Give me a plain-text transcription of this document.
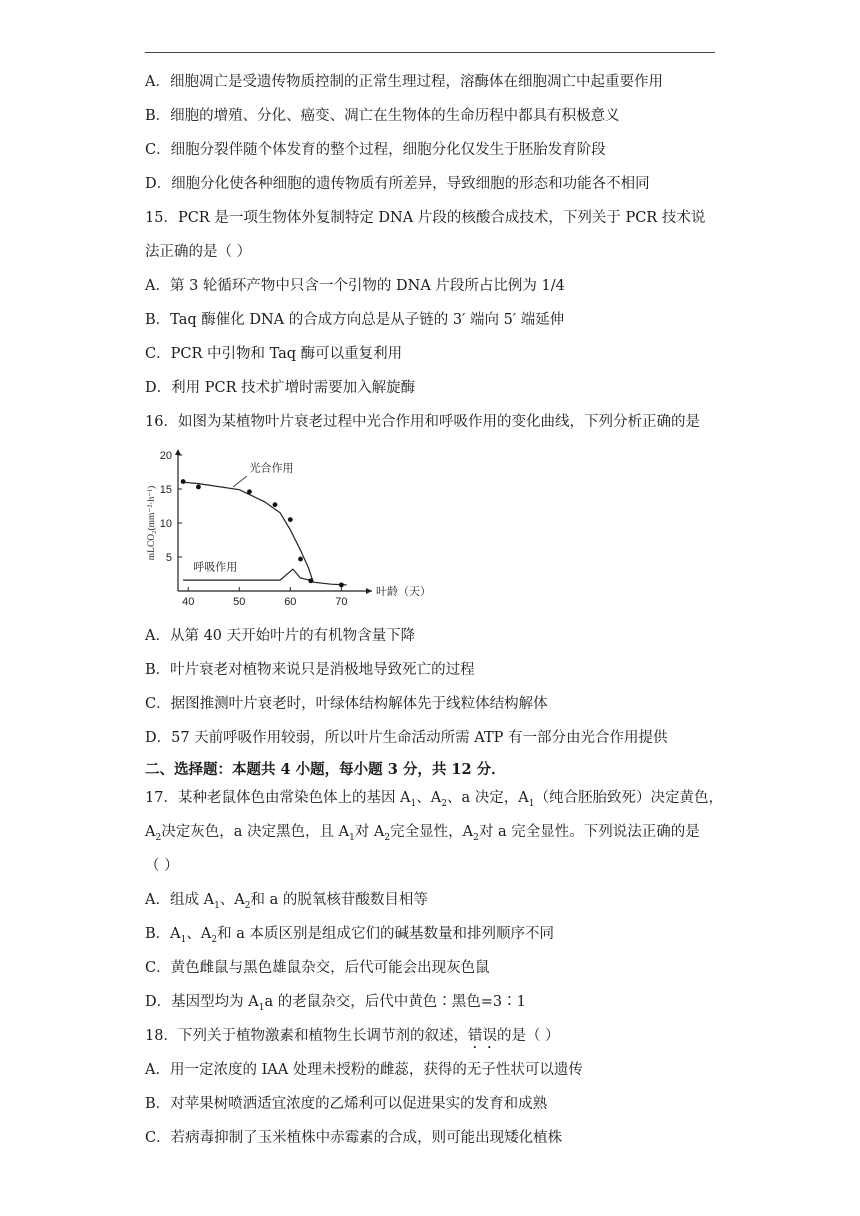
A．细胞凋亡是受遗传物质控制的正常生理过程，溶酶体在细胞凋亡中起重要作用
B．细胞的增殖、分化、癌变、凋亡在生物体的生命历程中都具有积极意义
C．细胞分裂伴随个体发育的整个过程，细胞分化仅发生于胚胎发育阶段
D．细胞分化使各种细胞的遗传物质有所差异，导致细胞的形态和功能各不相同
15．PCR 是一项生物体外复制特定 DNA 片段的核酸合成技术，下列关于 PCR 技术说
法正确的是（ ）
A．第 3 轮循环产物中只含一个引物的 DNA 片段所占比例为 1/4
B．Taq 酶催化 DNA 的合成方向总是从子链的 3′ 端向 5′ 端延伸
C．PCR 中引物和 Taq 酶可以重复利用
D．利用 PCR 技术扩增时需要加入解旋酶
16．如图为某植物叶片衰老过程中光合作用和呼吸作用的变化曲线，下列分析正确的是
5
10
15
20
40	50	60	70
叶龄（天）
mLCO₂(mm⁻²·h⁻¹)
光合作用
呼吸作用
A．从第 40 天开始叶片的有机物含量下降
B．叶片衰老对植物来说只是消极地导致死亡的过程
C．据图推测叶片衰老时，叶绿体结构解体先于线粒体结构解体
D．57 天前呼吸作用较弱，所以叶片生命活动所需 ATP 有一部分由光合作用提供
二、选择题：本题共 4 小题，每小题 3 分，共 12 分．
17．某种老鼠体色由常染色体上的基因 $A_1$、$A_2$、a 决定，$A_1$（纯合胚胎致死）决定黄色，
$A_2$决定灰色，a 决定黑色，且 $A_1$对 $A_2$完全显性，$A_2$对 a 完全显性。下列说法正确的是
（ ）
A．组成 $A_1$、$A_2$和 a 的脱氧核苷酸数目相等
B．$A_1$、$A_2$和 a 本质区别是组成它们的碱基数量和排列顺序不同
C．黄色雌鼠与黑色雄鼠杂交，后代可能会出现灰色鼠
D．基因型均为 $A_1a$ 的老鼠杂交，后代中黄色∶黑色=3∶1
18．下列关于植物激素和植物生长调节剂的叙述，错误的是（ ）
A．用一定浓度的 IAA 处理未授粉的雌蕊，获得的无子性状可以遗传
B．对苹果树喷洒适宜浓度的乙烯利可以促进果实的发育和成熟
C．若病毒抑制了玉米植株中赤霉素的合成，则可能出现矮化植株
